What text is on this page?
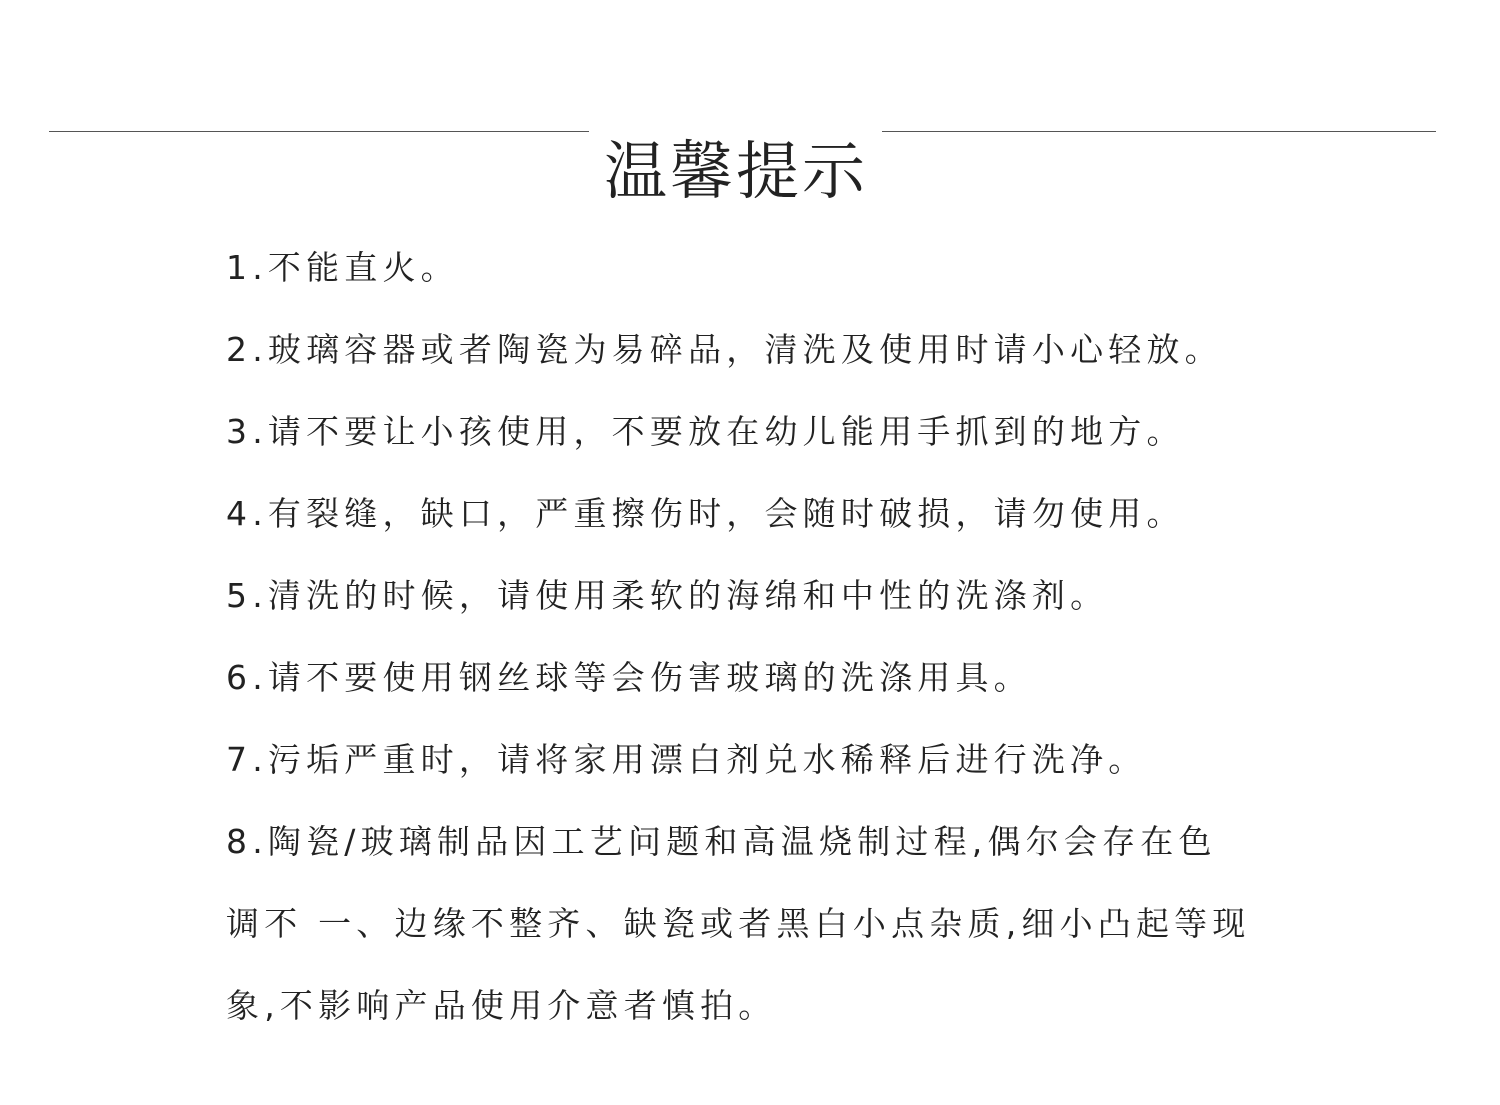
温馨提示
1.不能直火。
2.玻璃容器或者陶瓷为易碎品，清洗及使用时请小心轻放。
3.请不要让小孩使用，不要放在幼儿能用手抓到的地方。
4.有裂缝，缺口，严重擦伤时，会随时破损，请勿使用。
5.清洗的时候，请使用柔软的海绵和中性的洗涤剂。
6.请不要使用钢丝球等会伤害玻璃的洗涤用具。
7.污垢严重时，请将家用漂白剂兑水稀释后进行洗净。
8.陶瓷/玻璃制品因工艺问题和高温烧制过程,偶尔会存在色
调不 一、边缘不整齐、缺瓷或者黑白小点杂质,细小凸起等现
象,不影响产品使用介意者慎拍。
